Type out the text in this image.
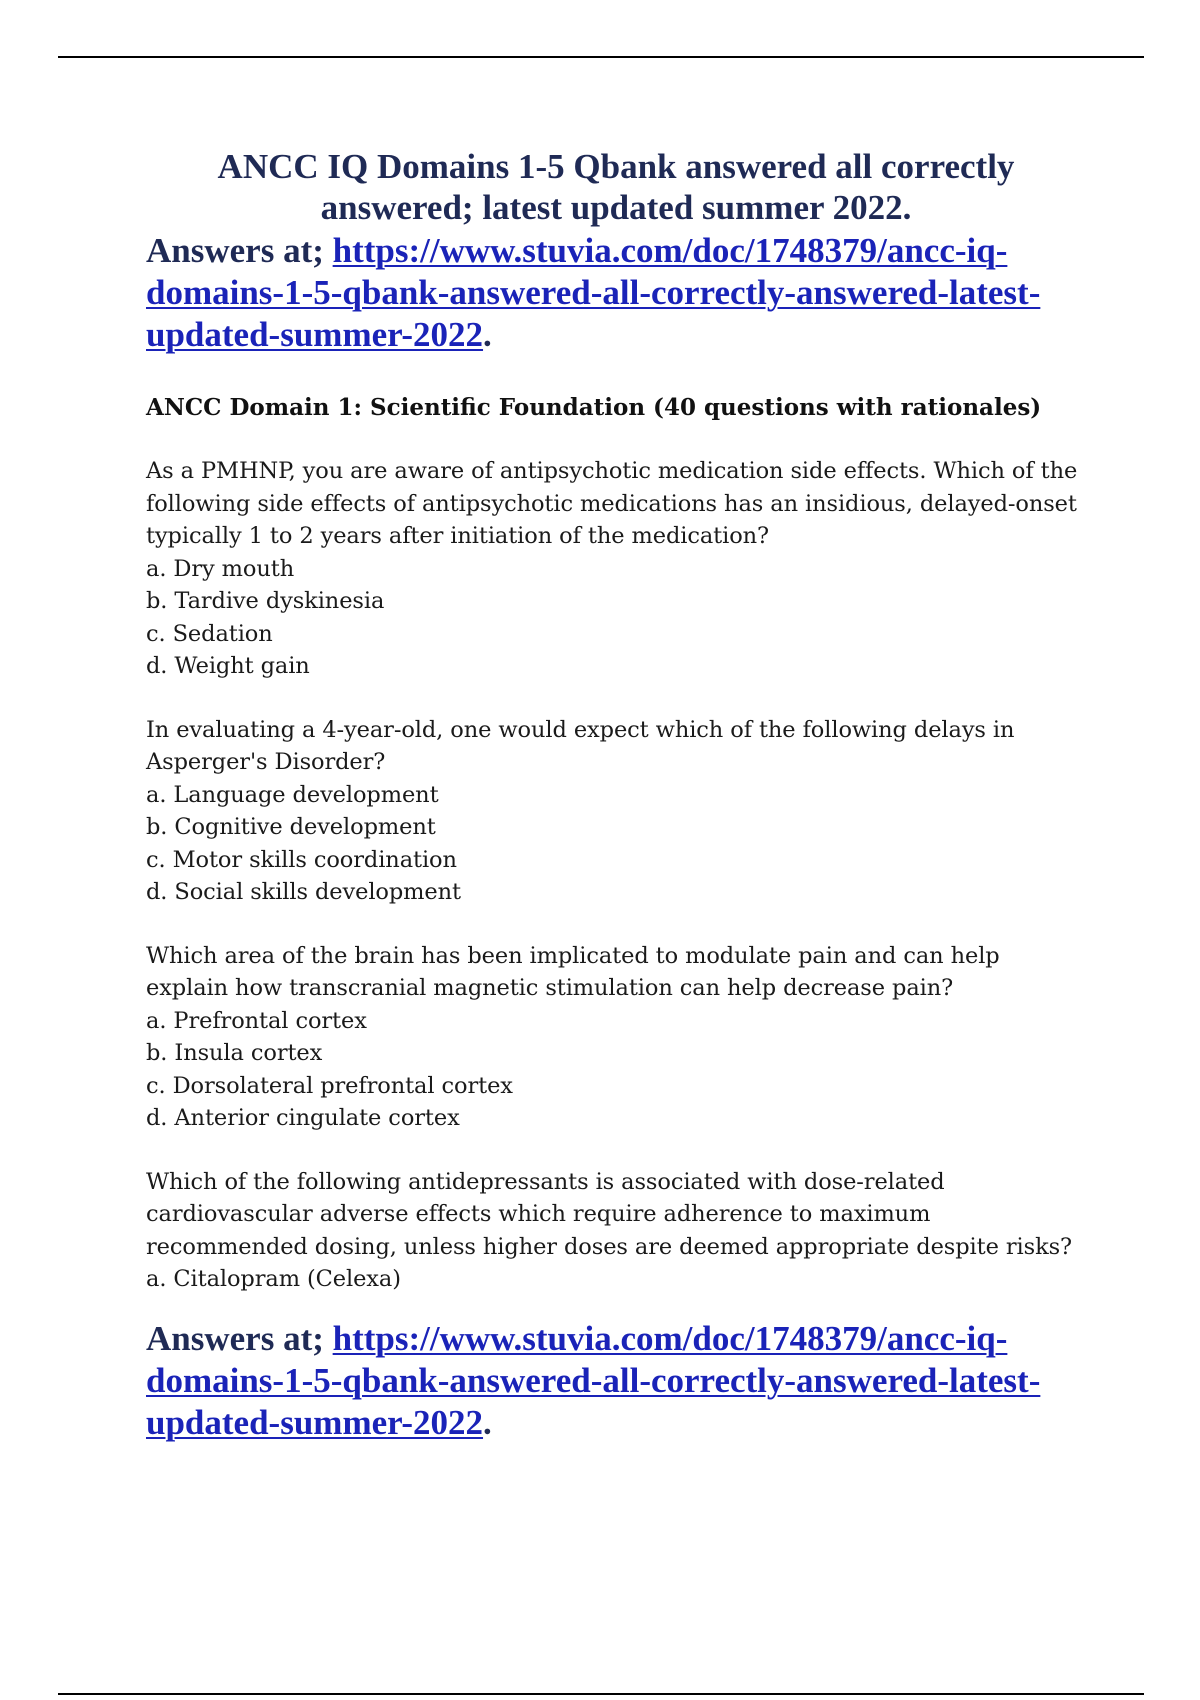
ANCC IQ Domains 1-5 Qbank answered all correctly answered; latest updated summer 2022.

Answers at; https://www.stuvia.com/doc/1748379/ancc-iq-domains-1-5-qbank-answered-all-correctly-answered-latest-updated-summer-2022.

ANCC Domain 1: Scientific Foundation (40 questions with rationales)

As a PMHNP, you are aware of antipsychotic medication side effects. Which of the following side effects of antipsychotic medications has an insidious, delayed-onset typically 1 to 2 years after initiation of the medication?

a. Dry mouth

b. Tardive dyskinesia

c. Sedation

d. Weight gain

In evaluating a 4-year-old, one would expect which of the following delays in Asperger's Disorder?

a. Language development

b. Cognitive development

c. Motor skills coordination

d. Social skills development

Which area of the brain has been implicated to modulate pain and can help explain how transcranial magnetic stimulation can help decrease pain?

a. Prefrontal cortex

b. Insula cortex

c. Dorsolateral prefrontal cortex

d. Anterior cingulate cortex

Which of the following antidepressants is associated with dose-related cardiovascular adverse effects which require adherence to maximum recommended dosing, unless higher doses are deemed appropriate despite risks?

a. Citalopram (Celexa)

Answers at; https://www.stuvia.com/doc/1748379/ancc-iq-domains-1-5-qbank-answered-all-correctly-answered-latest-updated-summer-2022.
